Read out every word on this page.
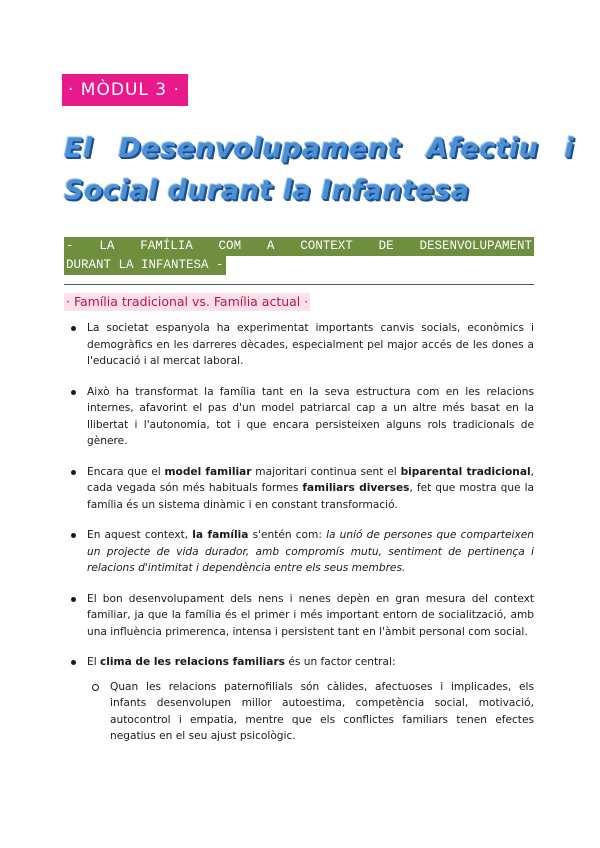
· MÒDUL 3 ·
El Desenvolupament Afectiu i Social durant la Infantesa
- LA FAMÍLIA COM A CONTEXT DE DESENVOLUPAMENT
DURANT LA INFANTESA -
· Família tradicional vs. Família actual ·
La societat espanyola ha experimentat importants canvis socials, econòmics i demogràfics en les darreres dècades, especialment pel major accés de les dones a l'educació i al mercat laboral.
Això ha transformat la família tant en la seva estructura com en les relacions internes, afavorint el pas d'un model patriarcal cap a un altre més basat en la llibertat i l'autonomia, tot i que encara persisteixen alguns rols tradicionals de gènere.
Encara que el model familiar majoritari continua sent el biparental tradicional, cada vegada són més habituals formes familiars diverses, fet que mostra que la família és un sistema dinàmic i en constant transformació.
En aquest context, la família s'entén com: la unió de persones que comparteixen un projecte de vida durador, amb compromís mutu, sentiment de pertinença i relacions d'intimitat i dependència entre els seus membres.
El bon desenvolupament dels nens i nenes depèn en gran mesura del context familiar, ja que la família és el primer i més important entorn de socialització, amb una influència primerenca, intensa i persistent tant en l'àmbit personal com social.
El clima de les relacions familiars és un factor central:
Quan les relacions paternofilials són càlides, afectuoses i implicades, els infants desenvolupen millor autoestima, competència social, motivació, autocontrol i empatia, mentre que els conflictes familiars tenen efectes negatius en el seu ajust psicològic.
